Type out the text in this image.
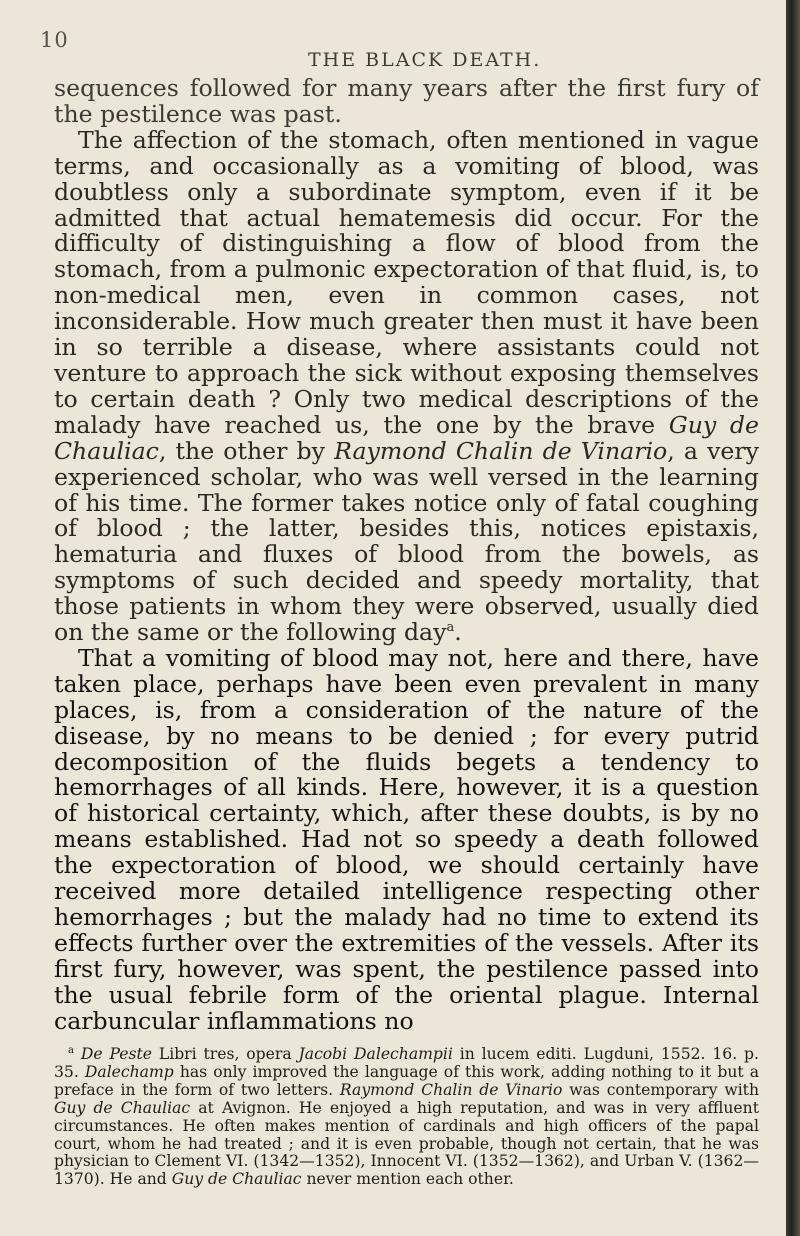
10
THE BLACK DEATH.

sequences followed for many years after the first fury of the pestilence was past.

The affection of the stomach, often mentioned in vague terms, and occasionally as a vomiting of blood, was doubtless only a subordinate symptom, even if it be admitted that actual hematemesis did occur. For the difficulty of distinguishing a flow of blood from the stomach, from a pulmonic expectoration of that fluid, is, to non-medical men, even in common cases, not inconsiderable. How much greater then must it have been in so terrible a disease, where assistants could not venture to approach the sick without exposing themselves to certain death ? Only two medical descriptions of the malady have reached us, the one by the brave Guy de Chauliac, the other by Raymond Chalin de Vinario, a very experienced scholar, who was well versed in the learning of his time. The former takes notice only of fatal coughing of blood ; the latter, besides this, notices epistaxis, hematuria and fluxes of blood from the bowels, as symptoms of such decided and speedy mortality, that those patients in whom they were observed, usually died on the same or the following day$^a$.

That a vomiting of blood may not, here and there, have taken place, perhaps have been even prevalent in many places, is, from a consideration of the nature of the disease, by no means to be denied ; for every putrid decomposition of the fluids begets a tendency to hemorrhages of all kinds. Here, however, it is a question of historical certainty, which, after these doubts, is by no means established. Had not so speedy a death followed the expectoration of blood, we should certainly have received more detailed intelligence respecting other hemorrhages ; but the malady had no time to extend its effects further over the extremities of the vessels. After its first fury, however, was spent, the pestilence passed into the usual febrile form of the oriental plague. Internal carbuncular inflammations no

$^a$ De Peste Libri tres, opera Jacobi Dalechampii in lucem editi. Lugduni, 1552. 16. p. 35. Dalechamp has only improved the language of this work, adding nothing to it but a preface in the form of two letters. Raymond Chalin de Vinario was contemporary with Guy de Chauliac at Avignon. He enjoyed a high reputation, and was in very affluent circumstances. He often makes mention of cardinals and high officers of the papal court, whom he had treated ; and it is even probable, though not certain, that he was physician to Clement VI. (1342—1352), Innocent VI. (1352—1362), and Urban V. (1362—1370). He and Guy de Chauliac never mention each other.
